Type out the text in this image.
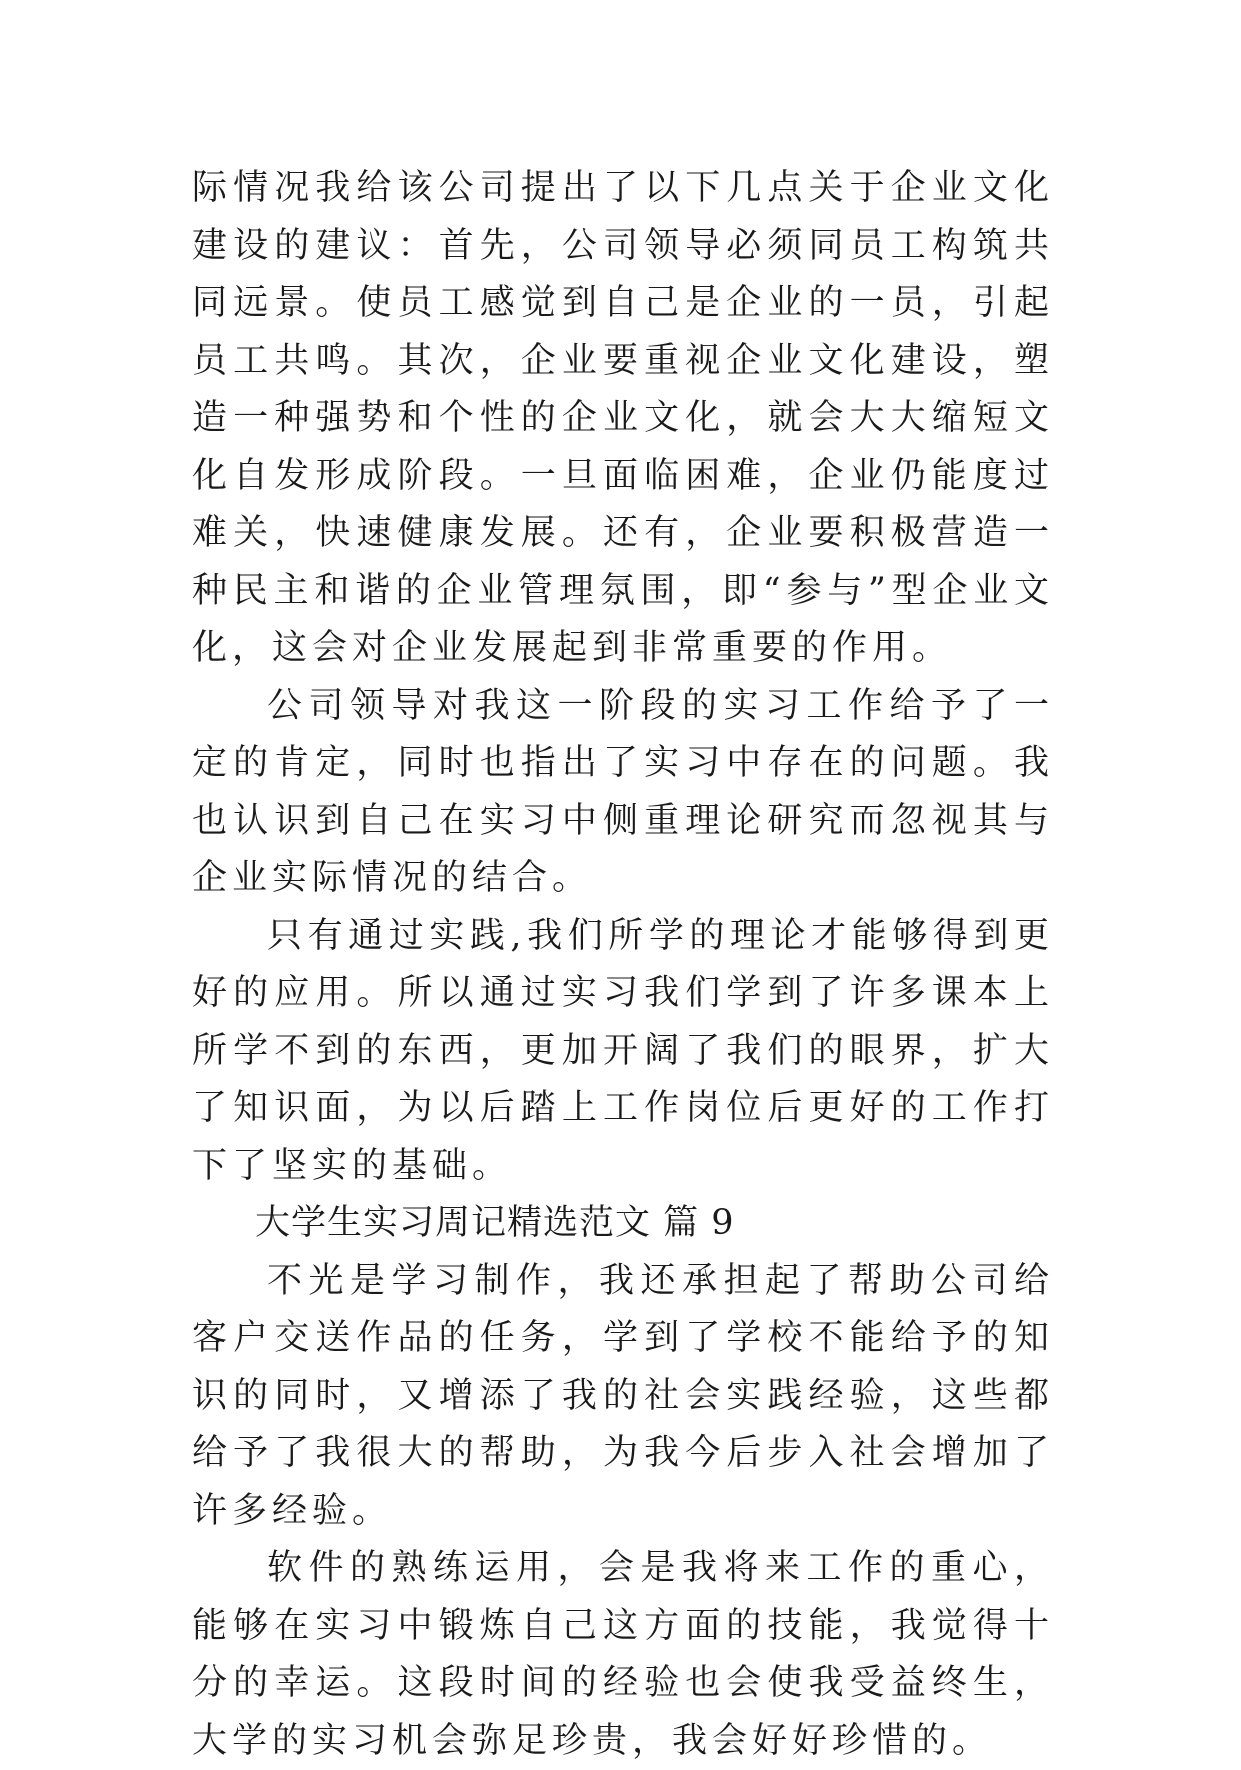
际情况我给该公司提出了以下几点关于企业文化建设的建议：首先，公司领导必须同员工构筑共同远景。使员工感觉到自己是企业的一员，引起员工共鸣。其次，企业要重视企业文化建设，塑造一种强势和个性的企业文化，就会大大缩短文化自发形成阶段。一旦面临困难，企业仍能度过难关，快速健康发展。还有，企业要积极营造一种民主和谐的企业管理氛围，即“参与”型企业文化，这会对企业发展起到非常重要的作用。

公司领导对我这一阶段的实习工作给予了一定的肯定，同时也指出了实习中存在的问题。我也认识到自己在实习中侧重理论研究而忽视其与企业实际情况的结合。

只有通过实践,我们所学的理论才能够得到更好的应用。所以通过实习我们学到了许多课本上所学不到的东西，更加开阔了我们的眼界，扩大了知识面，为以后踏上工作岗位后更好的工作打下了坚实的基础。

大学生实习周记精选范文 篇 9

不光是学习制作，我还承担起了帮助公司给客户交送作品的任务，学到了学校不能给予的知识的同时，又增添了我的社会实践经验，这些都给予了我很大的帮助，为我今后步入社会增加了许多经验。

软件的熟练运用，会是我将来工作的重心，能够在实习中锻炼自己这方面的技能，我觉得十分的幸运。这段时间的经验也会使我受益终生，大学的实习机会弥足珍贵，我会好好珍惜的。
